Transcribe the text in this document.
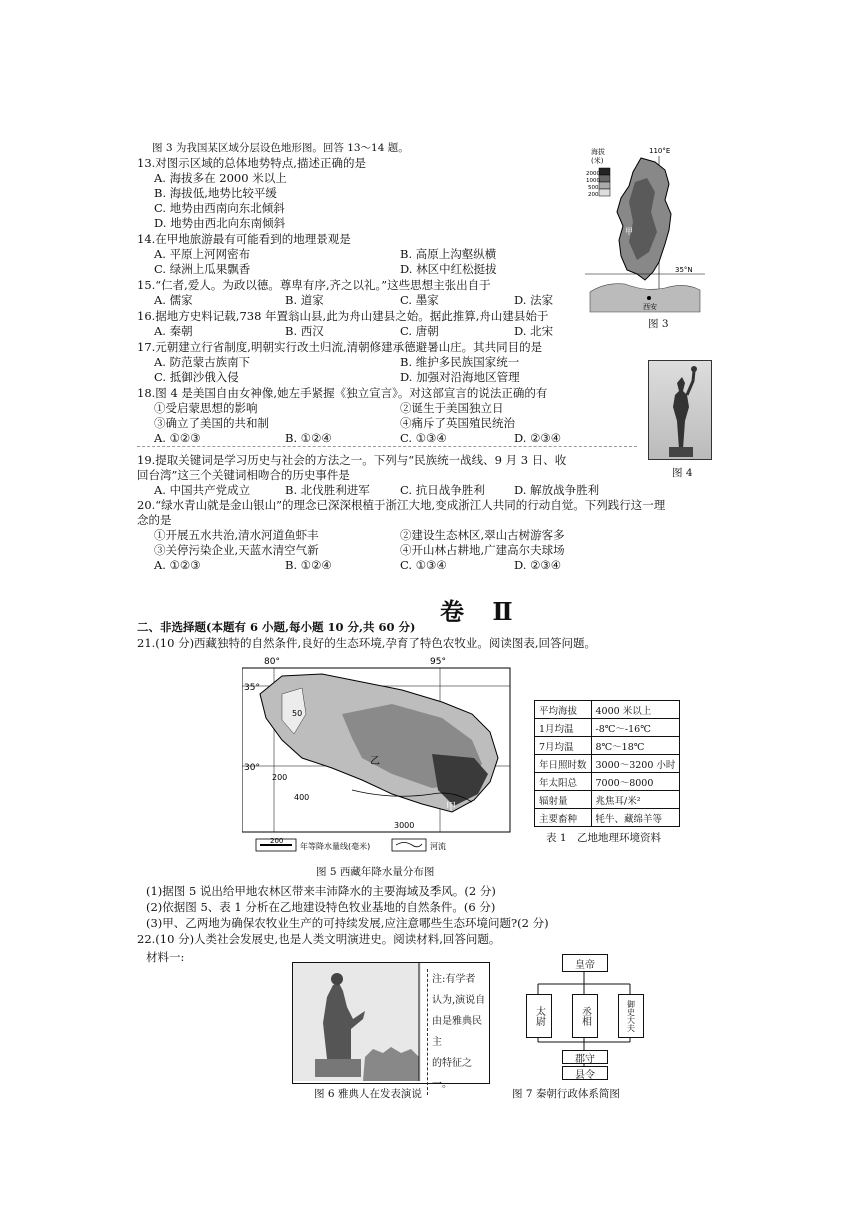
图 3 为我国某区域分层设色地形图。回答 13～14 题。
13.对图示区域的总体地势特点,描述正确的是
A. 海拔多在 2000 米以上
B. 海拔低,地势比较平缓
C. 地势由西南向东北倾斜
D. 地势由西北向东南倾斜
14.在甲地旅游最有可能看到的地理景观是
A. 平原上河网密布	B. 高原上沟壑纵横
C. 绿洲上瓜果飘香	D. 林区中红松挺拔
15.“仁者,爱人。为政以德。尊卑有序,齐之以礼。”这些思想主张出自于
A. 儒家	B. 道家	C. 墨家	D. 法家
16.据地方史料记载,738 年置翁山县,此为舟山建县之始。据此推算,舟山建县始于
A. 秦朝	B. 西汉	C. 唐朝	D. 北宋
17.元朝建立行省制度,明朝实行改土归流,清朝修建承德避暑山庄。其共同目的是
A. 防范蒙古族南下	B. 维护多民族国家统一
C. 抵御沙俄入侵	D. 加强对沿海地区管理
18.图 4 是美国自由女神像,她左手紧握《独立宣言》。对这部宣言的说法正确的有
①受启蒙思想的影响	②诞生于美国独立日
③确立了美国的共和制	④痛斥了英国殖民统治
A. ①②③	B. ①②④	C. ①③④	D. ②③④
19.提取关键词是学习历史与社会的方法之一。下列与“民族统一战线、9 月 3 日、收
回台湾”这三个关键词相吻合的历史事件是
A. 中国共产党成立	B. 北伐胜利进军	C. 抗日战争胜利	D. 解放战争胜利
20.“绿水青山就是金山银山”的理念已深深根植于浙江大地,变成浙江人共同的行动自觉。下列践行这一理
念的是
①开展五水共治,清水河道鱼虾丰	②建设生态林区,翠山古树游客多
③关停污染企业,天蓝水清空气新	④开山林占耕地,广建高尔夫球场
A. ①②③	B. ①②④	C. ①③④	D. ②③④
海拔
(米)
2000
1000
500
200
110°E
35°N
甲
西安
图 3
图 4
卷 Ⅱ
二、非选择题(本题有 6 小题,每小题 10 分,共 60 分)
21.(10 分)西藏独特的自然条件,良好的生态环境,孕育了特色农牧业。阅读图表,回答问题。
80°	95°
35°
30°
50
200
400
3000
乙
甲
200
年等降水量线(毫米)	河流
图 5 西藏年降水量分布图
平均海拔	4000 米以上
1月均温	-8℃～-16℃
7月均温	8℃～18℃
年日照时数	3000～3200 小时
年太阳总	7000～8000
辐射量	兆焦耳/米²
主要畜种	牦牛、藏绵羊等
表 1　乙地地理环境资料
(1)据图 5 说出给甲地农林区带来丰沛降水的主要海域及季风。(2 分)
(2)依据图 5、表 1 分析在乙地建设特色牧业基地的自然条件。(6 分)
(3)甲、乙两地为确保农牧业生产的可持续发展,应注意哪些生态环境问题?(2 分)
22.(10 分)人类社会发展史,也是人类文明演进史。阅读材料,回答问题。
材料一:
注:有学者
认为,演说自
由是雅典民主
的特征之一。
图 6 雅典人在发表演说
皇帝
太尉	丞相	御史大夫
郡守
县令
图 7 秦朝行政体系简图
